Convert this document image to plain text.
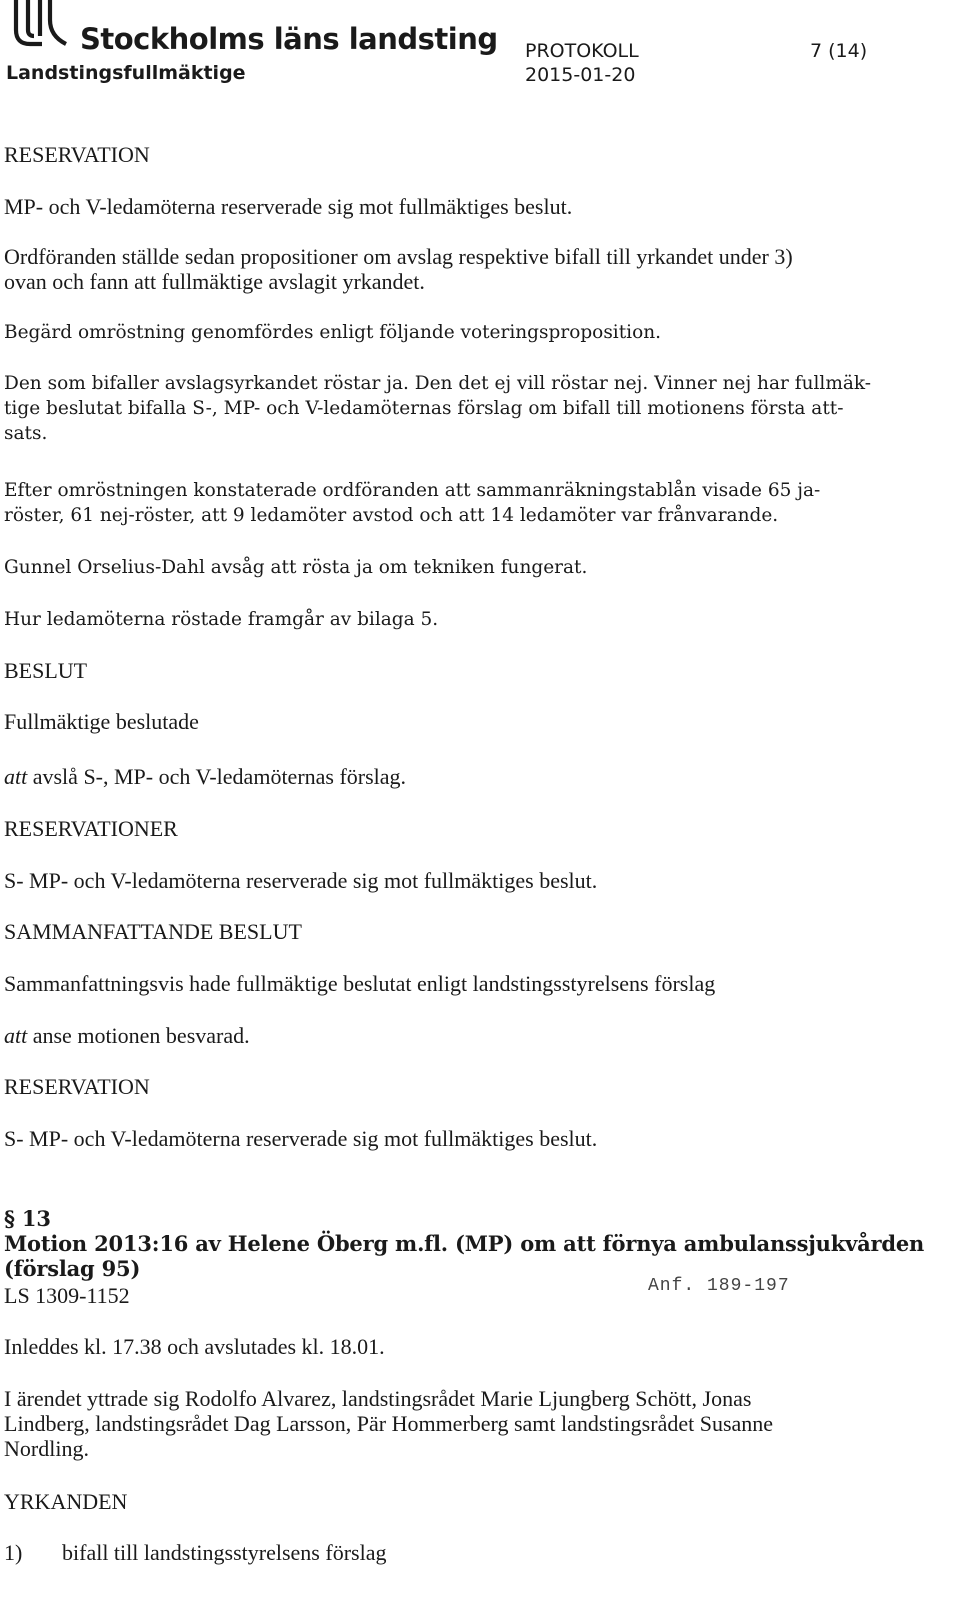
Stockholms läns landsting
Landstingsfullmäktige
PROTOKOLL	7 (14)
2015-01-20
RESERVATION
MP- och V-ledamöterna reserverade sig mot fullmäktiges beslut.
Ordföranden ställde sedan propositioner om avslag respektive bifall till yrkandet under 3)
ovan och fann att fullmäktige avslagit yrkandet.
Begärd omröstning genomfördes enligt följande voteringsproposition.
Den som bifaller avslagsyrkandet röstar ja. Den det ej vill röstar nej. Vinner nej har fullmäk-
tige beslutat bifalla S-, MP- och V-ledamöternas förslag om bifall till motionens första att-
sats.
Efter omröstningen konstaterade ordföranden att sammanräkningstablån visade 65 ja-
röster, 61 nej-röster, att 9 ledamöter avstod och att 14 ledamöter var frånvarande.
Gunnel Orselius-Dahl avsåg att rösta ja om tekniken fungerat.
Hur ledamöterna röstade framgår av bilaga 5.
BESLUT
Fullmäktige beslutade
att avslå S-, MP- och V-ledamöternas förslag.
RESERVATIONER
S- MP- och V-ledamöterna reserverade sig mot fullmäktiges beslut.
SAMMANFATTANDE BESLUT
Sammanfattningsvis hade fullmäktige beslutat enligt landstingsstyrelsens förslag
att anse motionen besvarad.
RESERVATION
S- MP- och V-ledamöterna reserverade sig mot fullmäktiges beslut.
§ 13
Motion 2013:16 av Helene Öberg m.fl. (MP) om att förnya ambulanssjukvården
(förslag 95)
LS 1309-1152	Anf. 189-197
Inleddes kl. 17.38 och avslutades kl. 18.01.
I ärendet yttrade sig Rodolfo Alvarez, landstingsrådet Marie Ljungberg Schött, Jonas
Lindberg, landstingsrådet Dag Larsson, Pär Hommerberg samt landstingsrådet Susanne
Nordling.
YRKANDEN
1) bifall till landstingsstyrelsens förslag
